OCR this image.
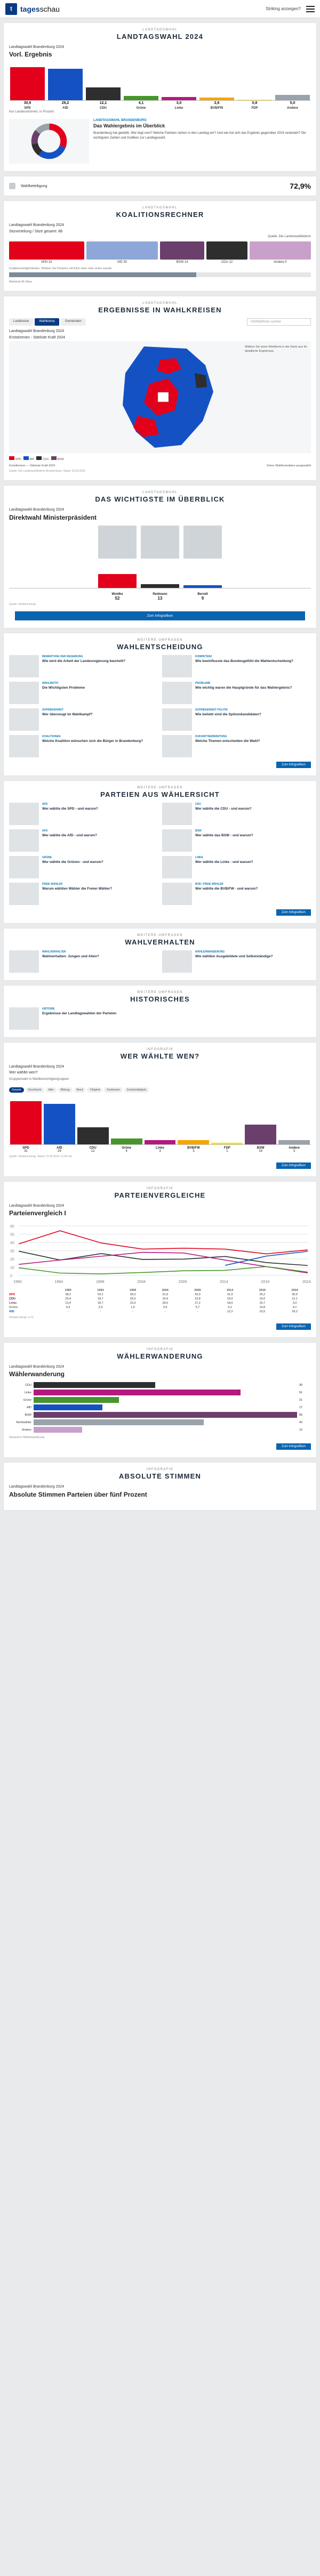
t tagesschau	Striking anzeigen?
LANDTAGSWAHL
LANDTAGSWAHL 2024
Landtagswahl Brandenburg 2024
Vorl. Ergebnis
30,9	29,2	12,1	4,1	3,0	2,6	0,8	5,0
SPD	AfD	CDU	Grüne	Linke	BVB/FW	FDP	Andere
Nur Landesstimmen, in Prozent
LANDTAGSWAHL BRANDENBURG
Das Wahlergebnis im Überblick
Brandenburg hat gewählt. Wer liegt vorn? Welche Parteien ziehen in den Landtag ein? Und wie hat sich das Ergebnis gegenüber 2019 verändert? Die wichtigsten Zahlen und Grafiken zur Landtagswahl.
Wahlbeteiligung	72,9%
LANDTAGSWAHL
KOALITIONSRECHNER
Landtagswahl Brandenburg 2024
Sitzverteilung / Sitze gesamt: 88
Quelle: Die Landeswahlleiterin
SPD 32	AfD 30	BSW 14	CDU 12	Andere 0
Koalitionsmöglichkeiten: Wählen Sie Parteien mit Klick oben oder unten aus/ab.
Mehrheit 45 Sitze
LANDTAGSWAHL
ERGEBNISSE IN WAHLKREISEN
Landkreise	Wahlkreise	Gemeinden	Ort/Wahlkreis suchen
Landtagswahl Brandenburg 2024
Erststimmen - Stärkste Kraft 2024
Wählen Sie einen Wahlkreis in der Karte aus für detaillierte Ergebnisse.
SPD	AfD	CDU	BSW
Erststimmen — Stärkste Kraft 2024	Keine Wahlkreisdaten ausgewählt
Quelle: Die Landeswahlleiterin Brandenburg / Stand: 23.09.2024
LANDTAGSWAHL
DAS WICHTIGSTE IM ÜBERBLICK
Landtagswahl Brandenburg 2024
Direktwahl Ministerpräsident
Woidke
52
Redmann
13
Berndt
9
Quelle: Infratest dimap
Zum Infografiken
WEITERE UMFRAGEN
WAHLENTSCHEIDUNG
BEWERTUNG DER REGIERUNG
Wie wird die Arbeit der Landesregierung beurteilt?
KOMPETENZ
Wie beeinflusste das Bundesgefühl die Wahlentscheidung?
WAHLMOTIV
Die Wichtigsten Probleme
PROBLEME
Wie wichtig waren die Hauptgründe für das Wahlergebnis?
ZUFRIEDENHEIT
Wer überzeugt im Wahlkampf?
ZUFRIEDENHEIT POLITIK
Wie beliebt sind die Spitzenkandidaten?
KOALITIONEN
Welche Koalition wünschen sich die Bürger in Brandenburg?
ZUKUNFTSERWARTUNG
Welche Themen entscheiden die Wahl?
Zum Infografiken
WEITERE UMFRAGEN
PARTEIEN AUS WÄHLERSICHT
SPD
Wer wählte die SPD - und warum?
CDU
Wer wählte die CDU - und warum?
AFD
Wer wählte die AfD - und warum?
BSW
Wer wählte das BSW - und warum?
GRÜNE
Wer wählte die Grünen - und warum?
LINKE
Wer wählte die Linke - und warum?
FREIE WÄHLER
Warum wählten Wähler die Freien Wähler?
BVB / FREIE WÄHLER
Wer wählte die BVB/FW - und warum?
Zum Infografiken
WEITERE UMFRAGEN
WAHLVERHALTEN
WAHLVERHALTEN
Wahlverhalten: Jungen und Alten?
WÄHLERWANDERUNG
Wie wählten Ausgebildete und Selbstständige?
WEITERE UMFRAGEN
HISTORISCHES
HISTORIE
Ergebnisse der Landtagswahlen der Parteien
INFOGRAFIK
WER WÄHLTE WEN?
Landtagswahl Brandenburg 2024
Wer wählte wen?
Gruppenwahl in Wahlberechtigtengruppen
Gesamt	Geschlecht	Alter	Bildung	Beruf	Tätigkeit	Konfession	Erwerbstätigkeit
SPD	AfD	CDU	Grüne	Linke	BVB/FW	FDP	BSW	Andere
31	29	12	4	3	3	1	14	3
Quelle: Infratest dimap, Stand: 22.09.2024, 21:55 Uhr
Zum Infografiken
INFOGRAFIK
PARTEIENVERGLEICHE
Landtagswahl Brandenburg 2024
Parteienvergleich I
0
10
20
30
40
50
60
1990	1994	1999	2004	2009	2014	2019	2024
	1990	1994	1999	2004	2009	2014	2019	2024
SPD	38,2	54,1	39,3	31,9	33,0	31,9	26,2	30,9
CDU	29,4	18,7	26,5	19,4	19,8	23,0	15,6	12,1
Linke	13,4	18,7	23,3	28,0	27,2	18,6	10,7	3,0
Grüne	9,3	2,9	1,9	3,6	5,7	6,2	10,8	4,1
AfD	-	-	-	-	-	12,2	23,5	29,2
Infratest dimap, in %
Zum Infografiken
INFOGRAFIK
WÄHLERWANDERUNG
Landtagswahl Brandenburg 2024
Wählerwanderung
CDU	30
Linke	51
Grüne	21
AfD	17
BSW	65
Nichtwähler	42
Andere	12
Tausend in Wählerwanderung
Zum Infografiken
INFOGRAFIK
ABSOLUTE STIMMEN
Landtagswahl Brandenburg 2024
Absolute Stimmen Parteien über fünf Prozent
